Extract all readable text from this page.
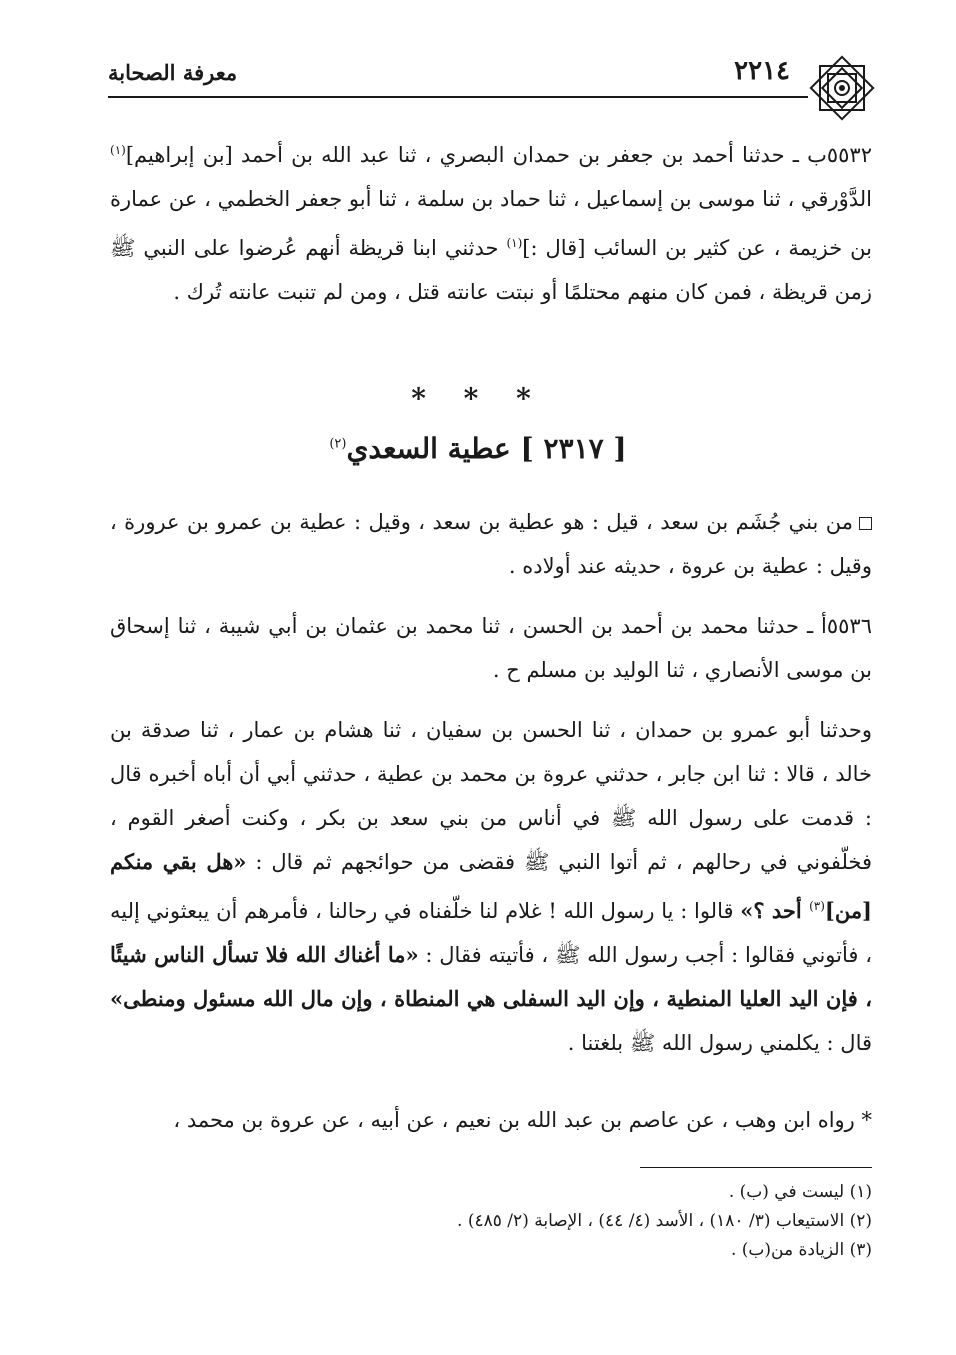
معرفة الصحابة	٢٢١٤
٥٥٣٢ب ـ حدثنا أحمد بن جعفر بن حمدان البصري ، ثنا عبد الله بن أحمد [بن إبراهيم]$^{(١)}$ الدَّوْرقي ، ثنا موسى بن إسماعيل ، ثنا حماد بن سلمة ، ثنا أبو جعفر الخطمي ، عن عمارة بن خزيمة ، عن كثير بن السائب [قال :]$^{(١)}$ حدثني ابنا قريظة أنهم عُرضوا على النبي ﷺ زمن قريظة ، فمن كان منهم محتلمًا أو نبتت عانته قتل ، ومن لم تنبت عانته تُرك .
* * *
[ ٢٣١٧ ] عطية السعدي$^{(٢)}$
من بني جُشَم بن سعد ، قيل : هو عطية بن سعد ، وقيل : عطية بن عمرو بن عرورة ، وقيل : عطية بن عروة ، حديثه عند أولاده .
٥٥٣٦أ ـ حدثنا محمد بن أحمد بن الحسن ، ثنا محمد بن عثمان بن أبي شيبة ، ثنا إسحاق بن موسى الأنصاري ، ثنا الوليد بن مسلم ح .
وحدثنا أبو عمرو بن حمدان ، ثنا الحسن بن سفيان ، ثنا هشام بن عمار ، ثنا صدقة بن خالد ، قالا : ثنا ابن جابر ، حدثني عروة بن محمد بن عطية ، حدثني أبي أن أباه أخبره قال : قدمت على رسول الله ﷺ في أناس من بني سعد بن بكر ، وكنت أصغر القوم ، فخلّفوني في رحالهم ، ثم أتوا النبي ﷺ فقضى من حوائجهم ثم قال : «هل بقي منكم [من]$^{(٣)}$ أحد ؟» قالوا : يا رسول الله ! غلام لنا خلّفناه في رحالنا ، فأمرهم أن يبعثوني إليه ، فأتوني فقالوا : أجب رسول الله ﷺ ، فأتيته فقال : «ما أغناك الله فلا تسأل الناس شيئًا ، فإن اليد العليا المنطية ، وإن اليد السفلى هي المنطاة ، وإن مال الله مسئول ومنطى» قال : يكلمني رسول الله ﷺ بلغتنا .
* رواه ابن وهب ، عن عاصم بن عبد الله بن نعيم ، عن أبيه ، عن عروة بن محمد ،
(١) ليست في (ب) .
(٢) الاستيعاب (٣/ ١٨٠) ، الأسد (٤/ ٤٤) ، الإصابة (٢/ ٤٨٥) .
(٣) الزيادة من(ب) .
